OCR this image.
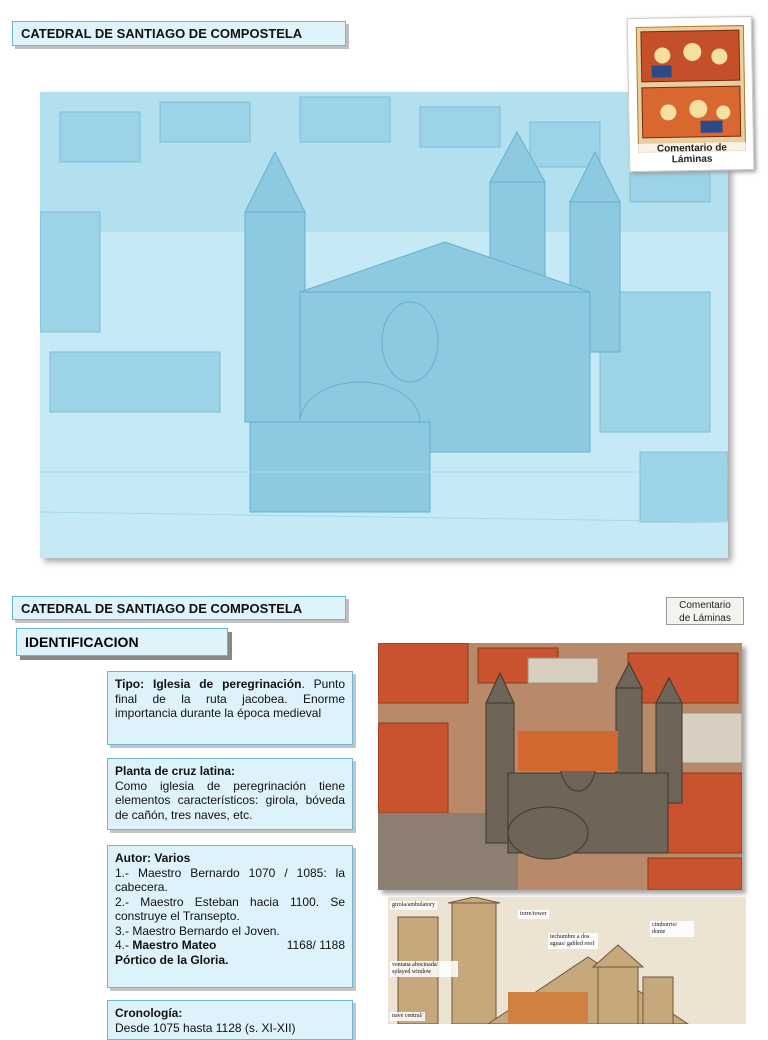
CATEDRAL DE SANTIAGO DE COMPOSTELA
Comentario de Láminas
CATEDRAL DE SANTIAGO DE COMPOSTELA	Comentario
de Láminas
IDENTIFICACION
Tipo: Iglesia de peregrinación. Punto final de la ruta jacobea. Enorme importancia durante la época medieval
Planta de cruz latina:
Como iglesia de peregrinación tiene elementos característicos: girola, bóveda de cañón, tres naves, etc.
Autor: Varios
1.- Maestro Bernardo 1070 / 1085: la cabecera.
2.- Maestro Esteban hacia 1100. Se construye el Transepto.
3.- Maestro Bernardo el Joven.
4.- Maestro Mateo	1168/ 1188
Pórtico de la Gloria.
Cronología:
Desde 1075 hasta 1128 (s. XI-XII)
girola/ambulatory
torre/tower
techumbre a dos aguas/ gabled roof
cimborrio/ dome
ventana abocinada/ splayed window
nave central/
